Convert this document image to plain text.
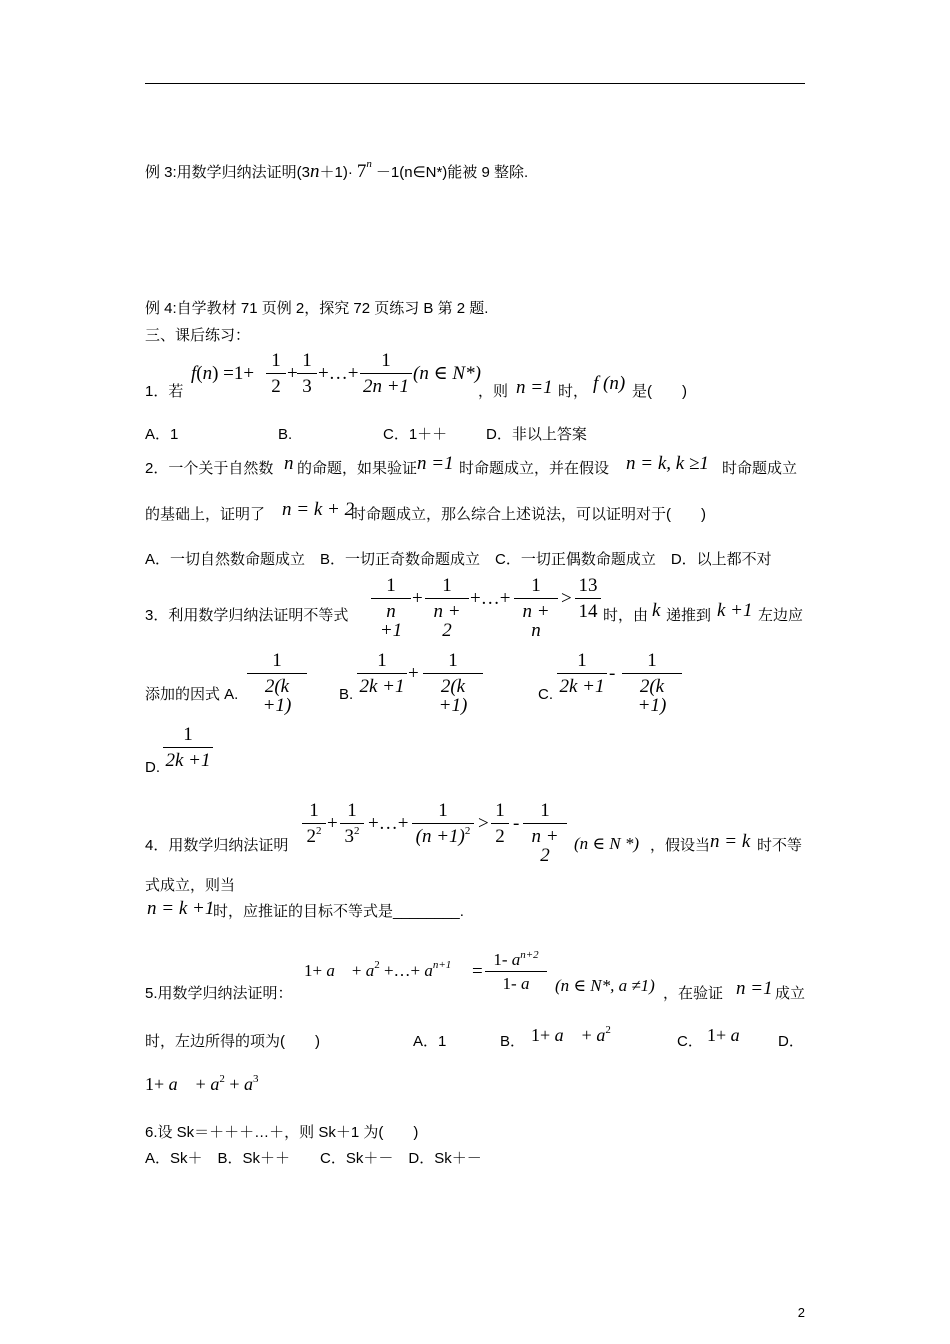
例 3:用数学归纳法证明$(3n+1)\cdot 7^n$ －1(n∈N*)能被 9 整除.
例 4:自学教材 71 页例 2，探究 72 页练习 B 第 2 题.
三、课后练习：
1．若
f(n) =1+
1
2
+
1
3
+…+
1
2n +1
(n ∈ N*)
，则 n =1 时， f (n) 是(　　)
A．1	B.	C．1＋＋	D．非以上答案
2．一个关于自然数 n 的命题，如果验证 n =1 时命题成立，并在假设 n = k, k ≥1 时命题成立
的基础上，证明了 n = k + 2
时命题成立，那么综合上述说法，可以证明对于(　　)
A．一切自然数命题成立　B．一切正奇数命题成立　C．一切正偶数命题成立　D．以上都不对
3．利用数学归纳法证明不等式
1
n +1
+
1
n + 2
+…+
1
n + n
>
13
14 时，由 k 递推到 k +1 左边应
添加的因式 A.
1
2(k +1)
B.
1
2k +1
+
1
2(k +1)
C.
1
2k +1
-
1
2(k +1)
D.
1
2k +1
4．用数学归纳法证明
1
$2^2$ +
1
$3^2$ +…+
1
$(n +1)^2$ >
1
2
-
1
n + 2
(n ∈ N *) ，假设当 n = k 时不等
式成立，则当
n = k +1
时，应推证的目标不等式是________.
5.用数学归纳法证明：
1+ a　+ $a^2$ +…+ $a^{n+1}$ =
1- $a^{n+2}$
1- a	(n ∈ N*, a ≠1) ，在验证 n =1 成立
时，左边所得的项为(　　)	A．1	B． 1+ a　+ $a^2$
C． 1+ a	D．
1+ a　+ $a^2 + a^3$
6.设 Sk＝＋＋＋…＋，则 Sk＋1 为(　　)
A．Sk＋　B．Sk＋＋　　C．Sk＋－　D．Sk＋－
2
